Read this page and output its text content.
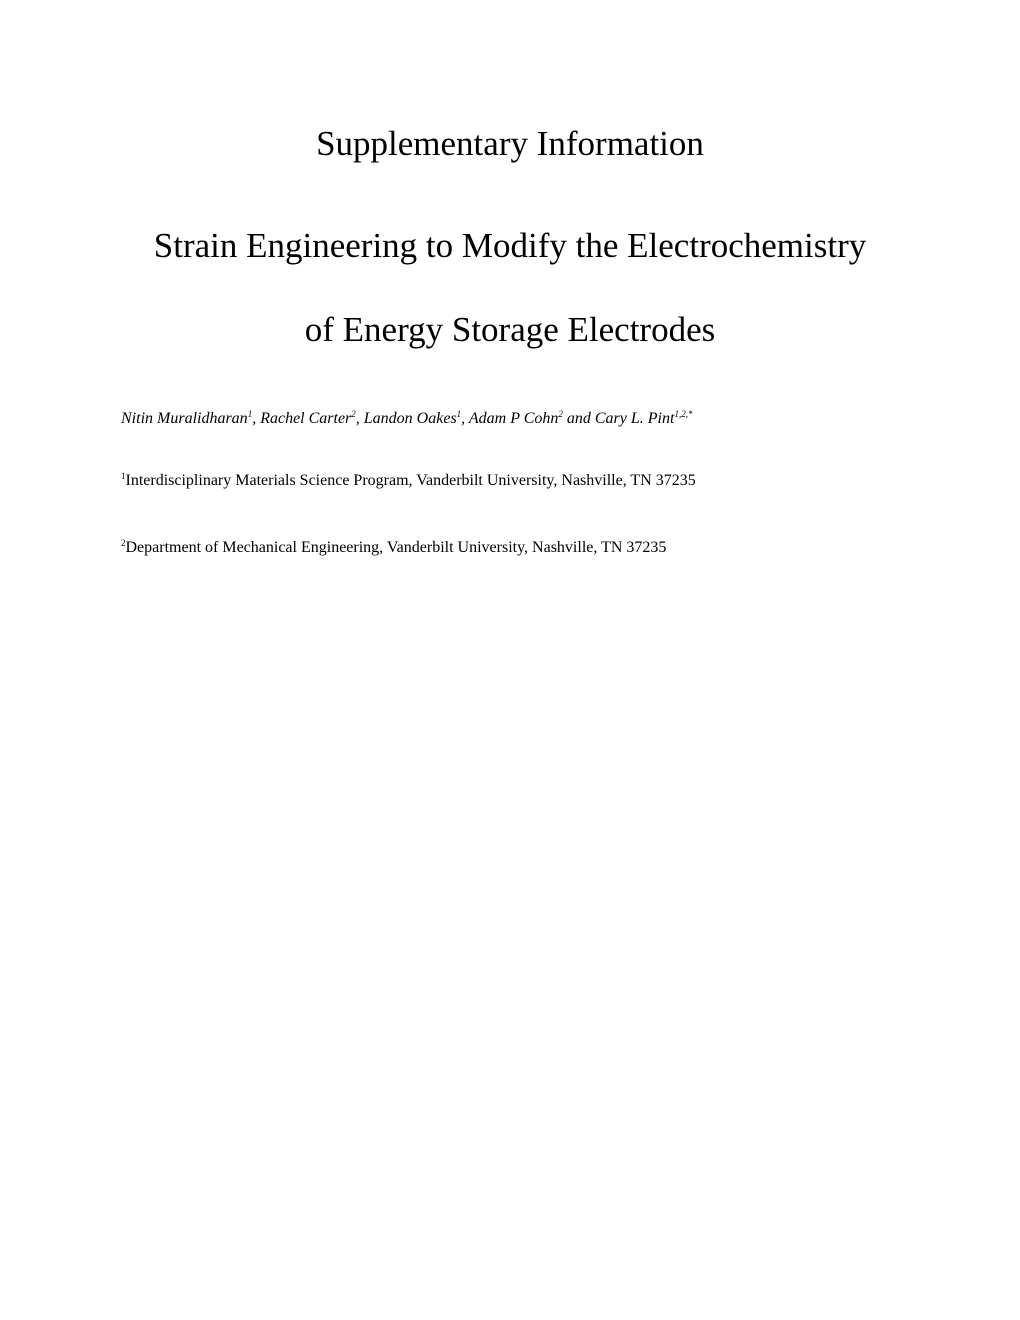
Supplementary Information
Strain Engineering to Modify the Electrochemistry
of Energy Storage Electrodes
Nitin Muralidharan$^1$, Rachel Carter$^2$, Landon Oakes$^1$, Adam P Cohn$^2$ and Cary L. Pint$^{1,2,*}$
$^1$Interdisciplinary Materials Science Program, Vanderbilt University, Nashville, TN 37235
$^2$Department of Mechanical Engineering, Vanderbilt University, Nashville, TN 37235
